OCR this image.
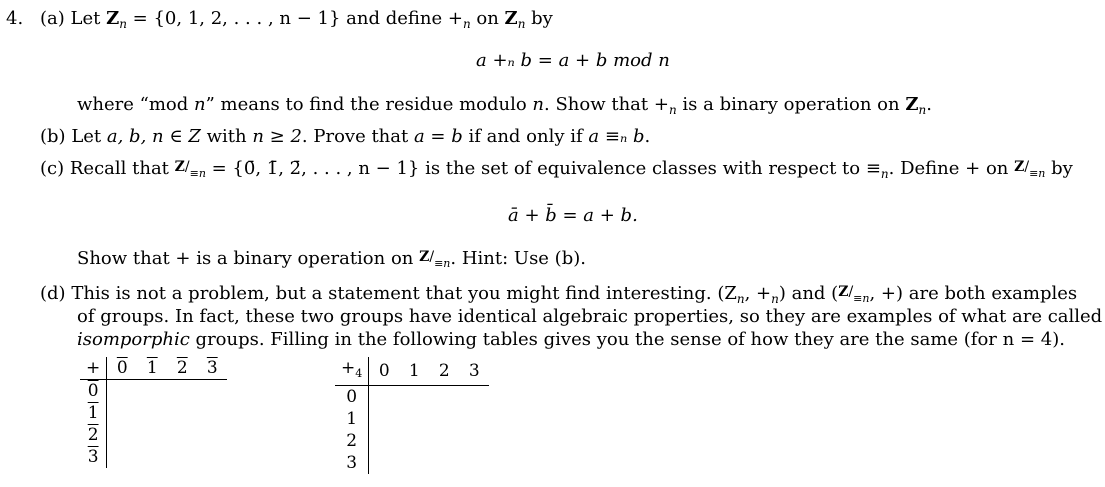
4. (a) Let $Z_n = \{0$, 1, 2, . . . , n − 1} and define $+_n$ on $Z_n$ by
a +ₙ b = a + b mod n
where “mod n” means to find the residue modulo n. Show that $+_n$ is a binary operation on $Z_n$.
(b) Let a, b, n ∈ Z with n ≥ 2. Prove that a = b if and only if a ≡ₙ b.
(c) Recall that $Z/_{\equiv n}$ = {0̄, 1̄, 2̄, . . . , n − 1} is the set of equivalence classes with respect to $\equiv_n$. Define + on $Z/_{\equiv n}$ by
ā + b̄ = a + b.
Show that + is a binary operation on $Z/_{\equiv n}$. Hint: Use (b).
(d) This is not a problem, but a statement that you might find interesting. ($Z_n$, $+_n$) and ($Z/_{\equiv n}$, +) are both examples
of groups. In fact, these two groups have identical algebraic properties, so they are examples of what are called
isomporphic groups. Filling in the following tables gives you the sense of how they are the same (for n = 4).
+	0	1	2	3
0				
1				
2				
3				
$+_4$	0	1	2	3
0				
1				
2				
3				
